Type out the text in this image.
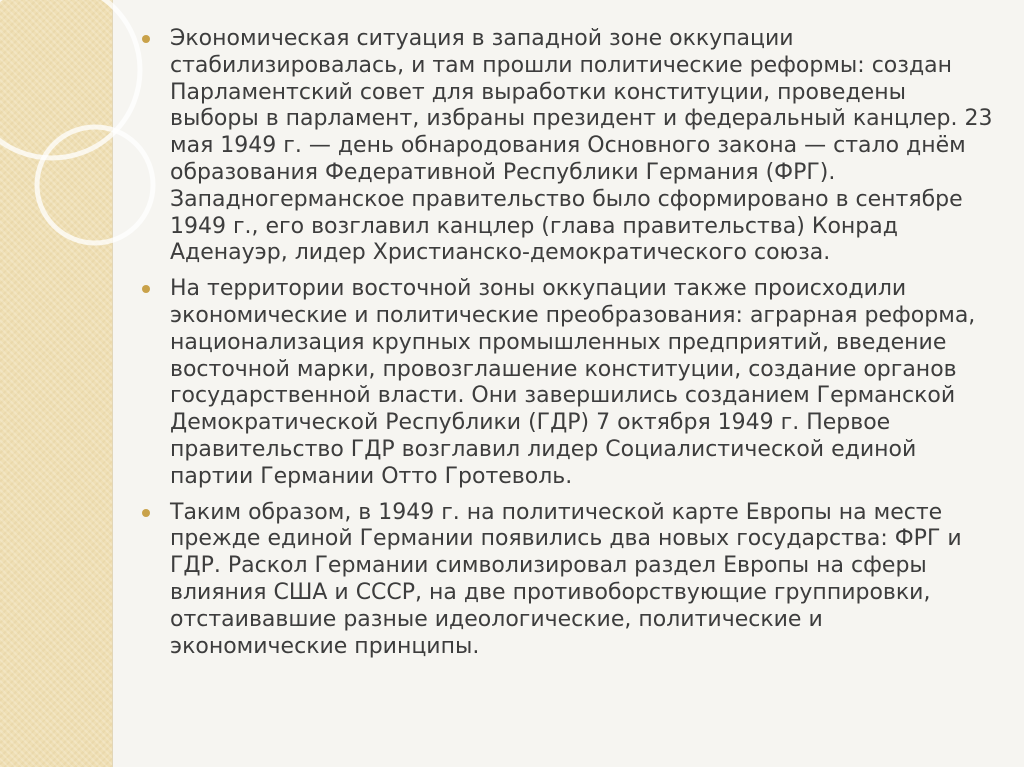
Экономическая ситуация в западной зоне оккупации стабилизировалась, и там прошли политические реформы: создан Парламентский совет для выработки конституции, проведены выборы в парламент, избраны президент и федеральный канцлер. 23 мая 1949 г. — день обнародования Основного закона — стало днём образования Федеративной Республики Германия (ФРГ). Западногерманское правительство было сформировано в сентябре 1949 г., его возглавил канцлер (глава правительства) Конрад Аденауэр, лидер Христианско-демократического союза.
На территории восточной зоны оккупации также происходили экономические и политические преобразования: аграрная реформа, национализация крупных промышленных предприятий, введение восточной марки, провозглашение конституции, создание органов государственной власти. Они завершились созданием Германской Демократической Республики (ГДР) 7 октября 1949 г. Первое правительство ГДР возглавил лидер Социалистической единой партии Германии Отто Гротеволь.
Таким образом, в 1949 г. на политической карте Европы на месте прежде единой Германии появились два новых государства: ФРГ и ГДР. Раскол Германии символизировал раздел Европы на сферы влияния США и СССР, на две противоборствующие группировки, отстаивавшие разные идеологические, политические и экономические принципы.
